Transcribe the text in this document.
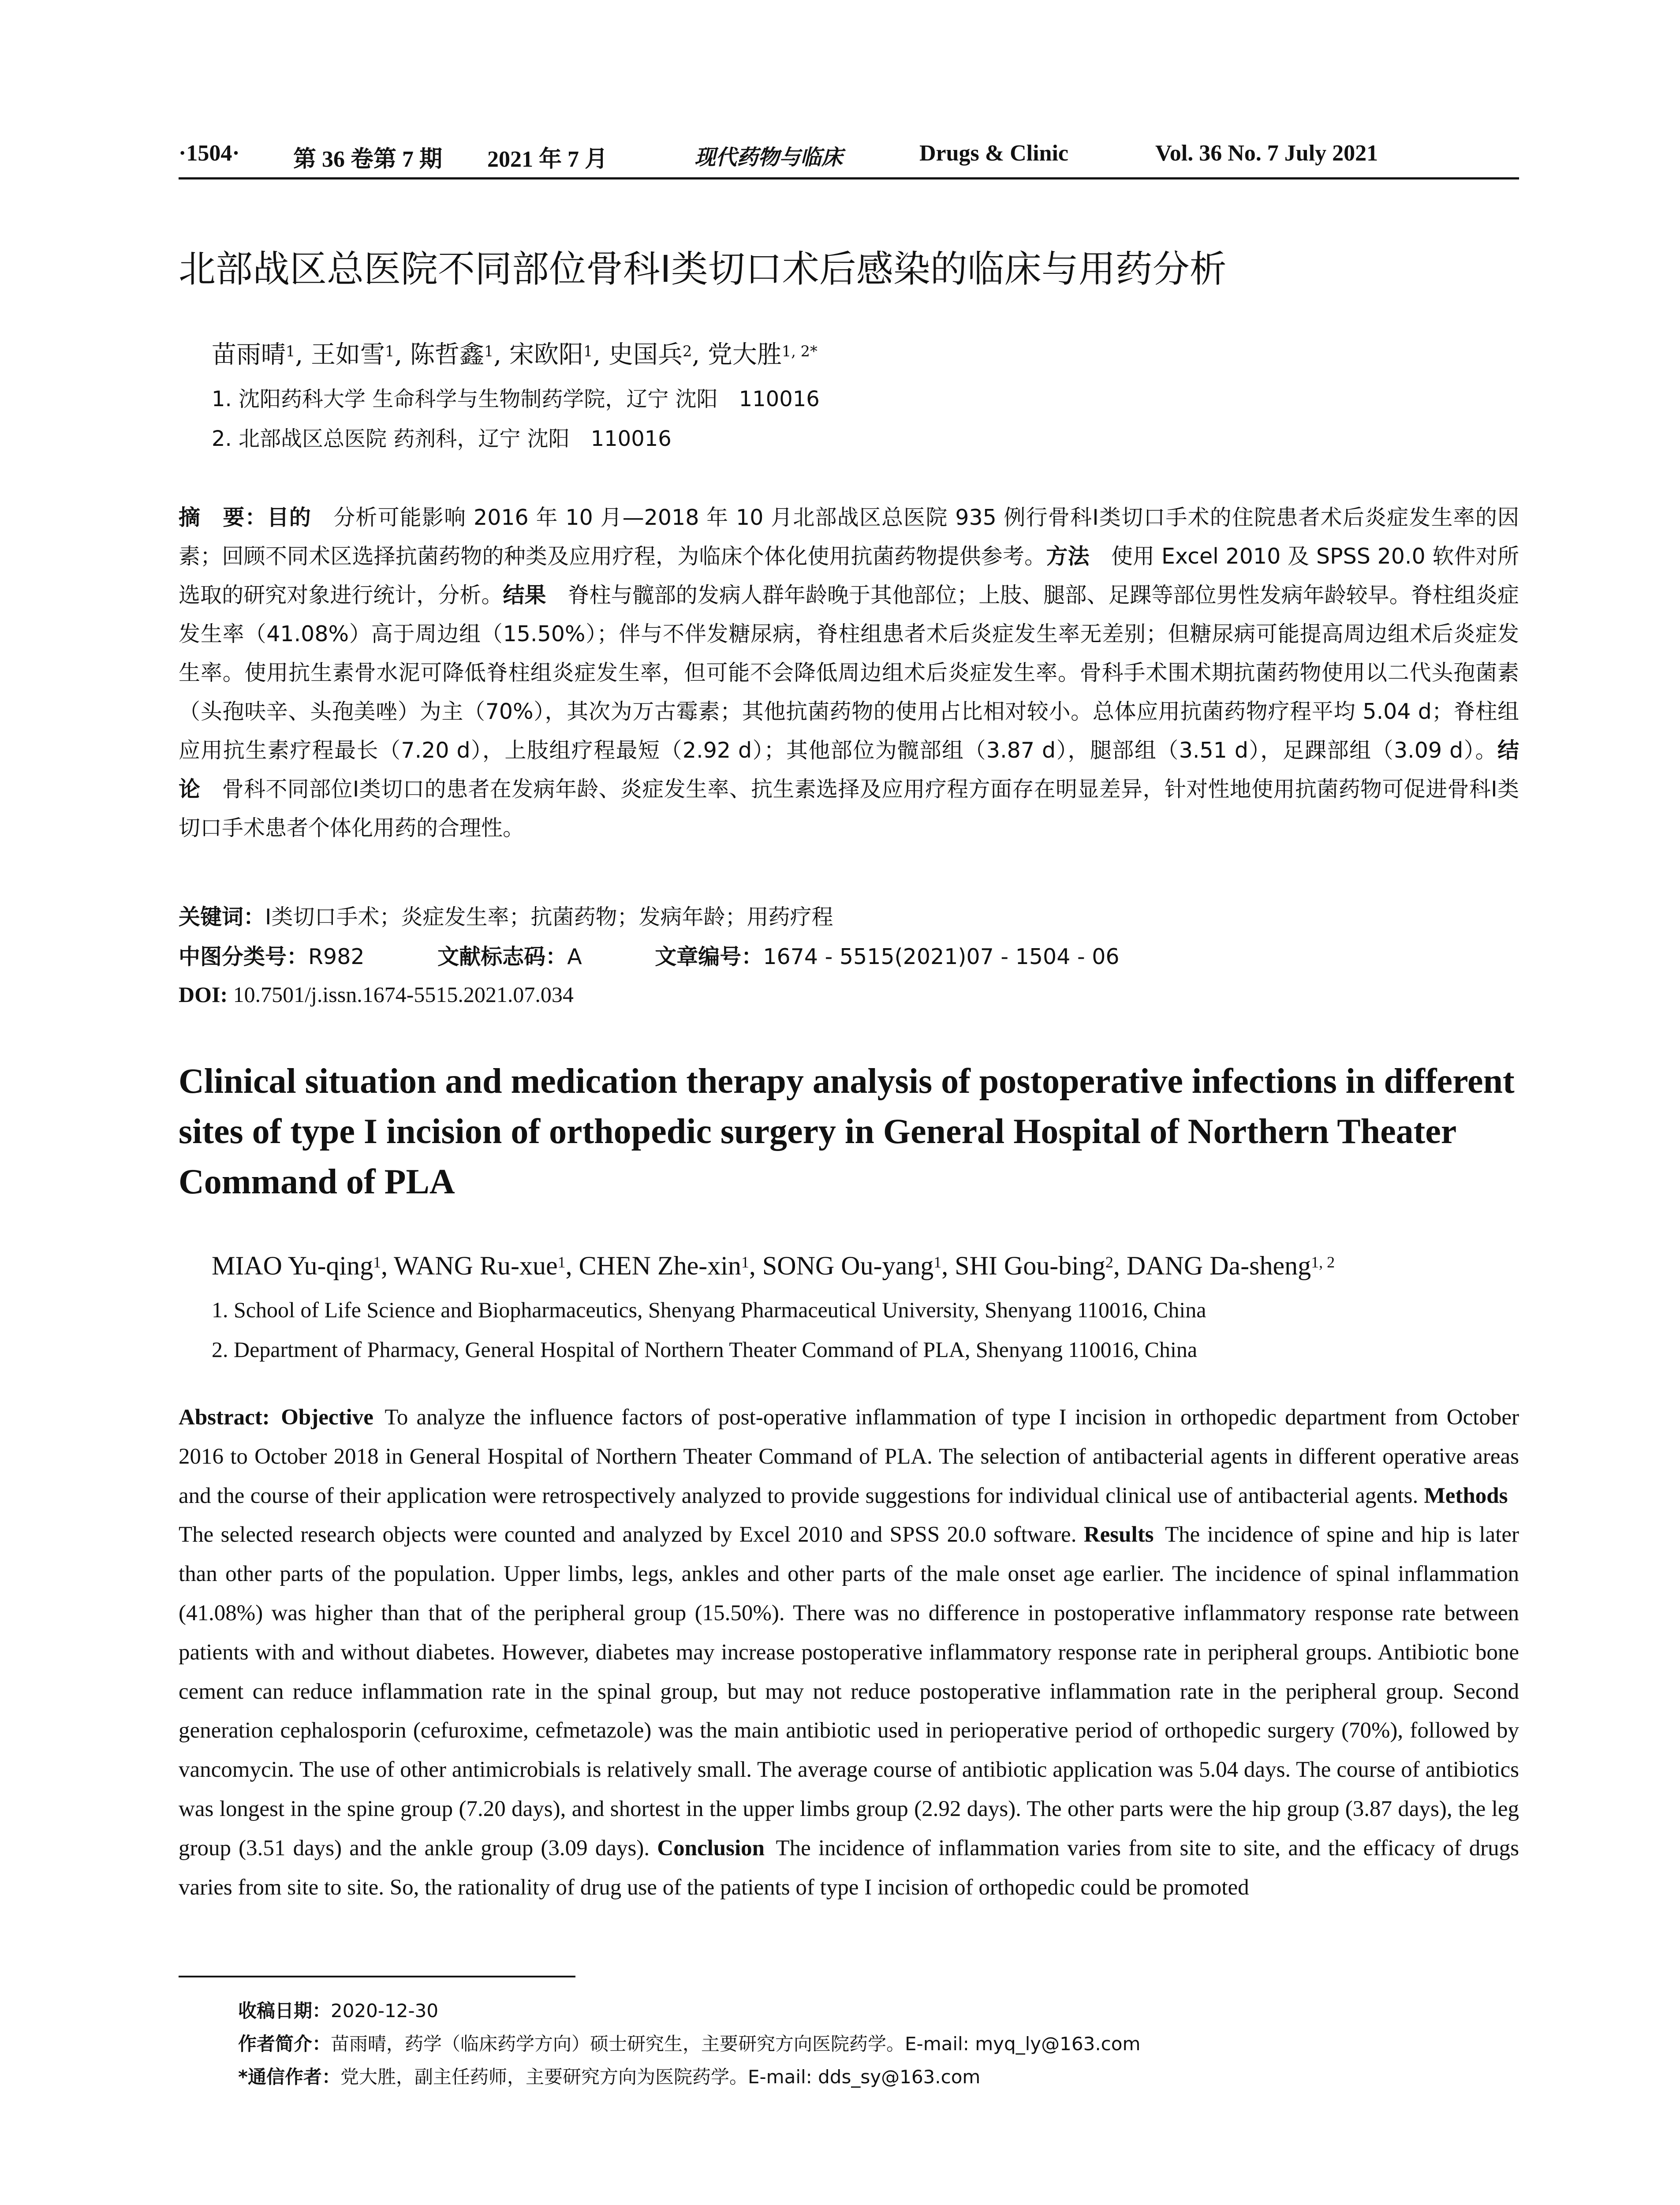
·1504· 第 36 卷第 7 期 2021 年 7 月	现代药物与临床	Drugs & Clinic	Vol. 36 No. 7 July 2021
北部战区总医院不同部位骨科I类切口术后感染的临床与用药分析
苗雨晴$^1$, 王如雪$^1$, 陈哲鑫$^1$, 宋欧阳$^1$, 史国兵$^2$, 党大胜$^{1, 2*}$
1. 沈阳药科大学 生命科学与生物制药学院，辽宁 沈阳　110016
2. 北部战区总医院 药剂科，辽宁 沈阳　110016
摘　要：目的  分析可能影响 2016 年 10 月—2018 年 10 月北部战区总医院 935 例行骨科I类切口手术的住院患者术后炎症发生率的因素；回顾不同术区选择抗菌药物的种类及应用疗程，为临床个体化使用抗菌药物提供参考。方法  使用 Excel 2010 及 SPSS 20.0 软件对所选取的研究对象进行统计，分析。结果  脊柱与髋部的发病人群年龄晚于其他部位；上肢、腿部、足踝等部位男性发病年龄较早。脊柱组炎症发生率（41.08%）高于周边组（15.50%）；伴与不伴发糖尿病，脊柱组患者术后炎症发生率无差别；但糖尿病可能提高周边组术后炎症发生率。使用抗生素骨水泥可降低脊柱组炎症发生率，但可能不会降低周边组术后炎症发生率。骨科手术围术期抗菌药物使用以二代头孢菌素（头孢呋辛、头孢美唑）为主（70%），其次为万古霉素；其他抗菌药物的使用占比相对较小。总体应用抗菌药物疗程平均 5.04 d；脊柱组应用抗生素疗程最长（7.20 d），上肢组疗程最短（2.92 d）；其他部位为髋部组（3.87 d），腿部组（3.51 d），足踝部组（3.09 d）。结论  骨科不同部位I类切口的患者在发病年龄、炎症发生率、抗生素选择及应用疗程方面存在明显差异，针对性地使用抗菌药物可促进骨科I类切口手术患者个体化用药的合理性。
关键词：I类切口手术；炎症发生率；抗菌药物；发病年龄；用药疗程
中图分类号：R982	文献标志码：A	文章编号：1674 - 5515(2021)07 - 1504 - 06
DOI: 10.7501/j.issn.1674-5515.2021.07.034
Clinical situation and medication therapy analysis of postoperative infections in different sites of type I incision of orthopedic surgery in General Hospital of Northern Theater Command of PLA
MIAO Yu-qing$^1$, WANG Ru-xue$^1$, CHEN Zhe-xin$^1$, SONG Ou-yang$^1$, SHI Gou-bing$^2$, DANG Da-sheng$^{1, 2}$
1. School of Life Science and Biopharmaceutics, Shenyang Pharmaceutical University, Shenyang 110016, China
2. Department of Pharmacy, General Hospital of Northern Theater Command of PLA, Shenyang 110016, China
Abstract:  Objective  To analyze the influence factors of post-operative inflammation of type I incision in orthopedic department from October 2016 to October 2018 in General Hospital of Northern Theater Command of PLA. The selection of antibacterial agents in different operative areas and the course of their application were retrospectively analyzed to provide suggestions for individual clinical use of antibacterial agents. Methods The selected research objects were counted and analyzed by Excel 2010 and SPSS 20.0 software. Results  The incidence of spine and hip is later than other parts of the population. Upper limbs, legs, ankles and other parts of the male onset age earlier. The incidence of spinal inflammation (41.08%) was higher than that of the peripheral group (15.50%). There was no difference in postoperative inflammatory response rate between patients with and without diabetes. However, diabetes may increase postoperative inflammatory response rate in peripheral groups. Antibiotic bone cement can reduce inflammation rate in the spinal group, but may not reduce postoperative inflammation rate in the peripheral group. Second generation cephalosporin (cefuroxime, cefmetazole) was the main antibiotic used in perioperative period of orthopedic surgery (70%), followed by vancomycin. The use of other antimicrobials is relatively small. The average course of antibiotic application was 5.04 days. The course of antibiotics was longest in the spine group (7.20 days), and shortest in the upper limbs group (2.92 days). The other parts were the hip group (3.87 days), the leg group (3.51 days) and the ankle group (3.09 days). Conclusion  The incidence of inflammation varies from site to site, and the efficacy of drugs varies from site to site. So, the rationality of drug use of the patients of type I incision of orthopedic could be promoted
收稿日期：2020-12-30
作者简介：苗雨晴，药学（临床药学方向）硕士研究生，主要研究方向医院药学。E-mail: myq_ly@163.com
*通信作者：党大胜，副主任药师，主要研究方向为医院药学。E-mail: dds_sy@163.com
